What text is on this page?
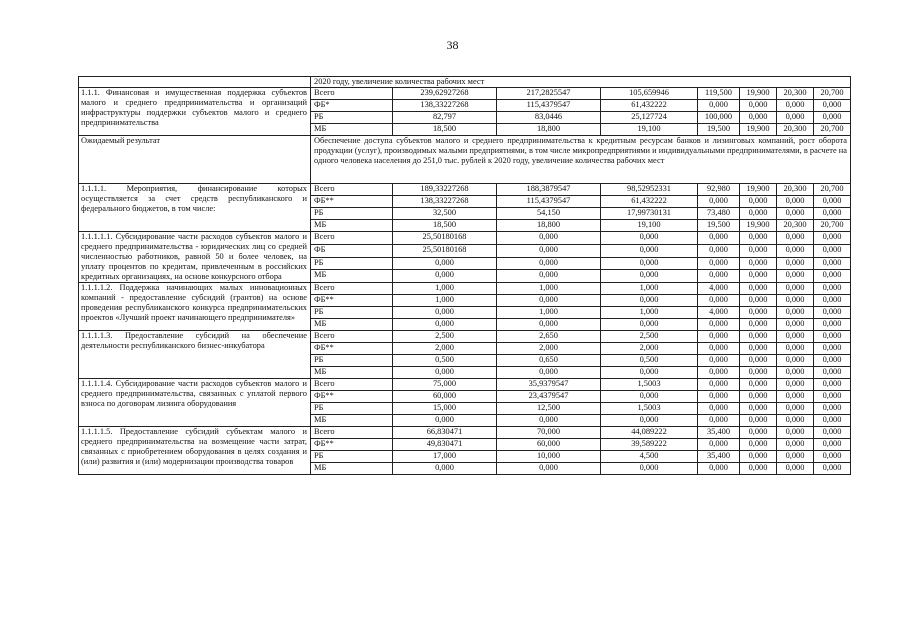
38
	2020 году, увеличение количества рабочих мест							
1.1.1. Финансовая и имущественная поддержка субъектов малого и среднего предпринимательства и организаций инфраструктуры поддержки субъектов малого и среднего предпринимательства	Всего	239,62927268	217,2825547	105,659946	119,500	19,900	20,300	20,700
	ФБ*	138,33227268	115,4379547	61,432222	0,000	0,000	0,000	0,000
	РБ	82,797	83,0446	25,127724	100,000	0,000	0,000	0,000
	МБ	18,500	18,800	19,100	19,500	19,900	20,300	20,700
Ожидаемый результат	Обеспечение доступа субъектов малого и среднего предпринимательства к кредитным ресурсам банков и лизинговых компаний, рост оборота продукции (услуг), производимых малыми предприятиями, в том числе микропредприятиями и индивидуальными предпринимателями, в расчете на одного человека населения до 251,0 тыс. рублей к 2020 году, увеличение количества рабочих мест							
1.1.1.1. Мероприятия, финансирование которых осуществляется за счет средств республиканского и федерального бюджетов, в том числе:	Всего	189,33227268	188,3879547	98,52952331	92,980	19,900	20,300	20,700
	ФБ**	138,33227268	115,4379547	61,432222	0,000	0,000	0,000	0,000
	РБ	32,500	54,150	17,99730131	73,480	0,000	0,000	0,000
	МБ	18,500	18,800	19,100	19,500	19,900	20,300	20,700
1.1.1.1.1. Субсидирование части расходов субъектов малого и среднего предпринимательства - юридических лиц со средней численностью работников, равной 50 и более человек, на уплату процентов по кредитам, привлеченным в российских кредитных организациях, на основе конкурсного отбора	Всего	25,50180168	0,000	0,000	0,000	0,000	0,000	0,000
	ФБ	25,50180168	0,000	0,000	0,000	0,000	0,000	0,000
	РБ	0,000	0,000	0,000	0,000	0,000	0,000	0,000
	МБ	0,000	0,000	0,000	0,000	0,000	0,000	0,000
1.1.1.1.2. Поддержка начинающих малых инновационных компаний - предоставление субсидий (грантов) на основе проведения республиканского конкурса предпринимательских проектов «Лучший проект начинающего предпринимателя»	Всего	1,000	1,000	1,000	4,000	0,000	0,000	0,000
	ФБ**	1,000	0,000	0,000	0,000	0,000	0,000	0,000
	РБ	0,000	1,000	1,000	4,000	0,000	0,000	0,000
	МБ	0,000	0,000	0,000	0,000	0,000	0,000	0,000
1.1.1.1.3. Предоставление субсидий на обеспечение деятельности республиканского бизнес-инкубатора	Всего	2,500	2,650	2,500	0,000	0,000	0,000	0,000
	ФБ**	2,000	2,000	2,000	0,000	0,000	0,000	0,000
	РБ	0,500	0,650	0,500	0,000	0,000	0,000	0,000
	МБ	0,000	0,000	0,000	0,000	0,000	0,000	0,000
1.1.1.1.4. Субсидирование части расходов субъектов малого и среднего предпринимательства, связанных с уплатой первого взноса по договорам лизинга оборудования	Всего	75,000	35,9379547	1,5003	0,000	0,000	0,000	0,000
	ФБ**	60,000	23,4379547	0,000	0,000	0,000	0,000	0,000
	РБ	15,000	12,500	1,5003	0,000	0,000	0,000	0,000
	МБ	0,000	0,000	0,000	0,000	0,000	0,000	0,000
1.1.1.1.5. Предоставление субсидий субъектам малого и среднего предпринимательства на возмещение части затрат, связанных с приобретением оборудования в целях создания и (или) развития и (или) модернизации производства товаров	Всего	66,830471	70,000	44,089222	35,400	0,000	0,000	0,000
	ФБ**	49,830471	60,000	39,589222	0,000	0,000	0,000	0,000
	РБ	17,000	10,000	4,500	35,400	0,000	0,000	0,000
	МБ	0,000	0,000	0,000	0,000	0,000	0,000	0,000
